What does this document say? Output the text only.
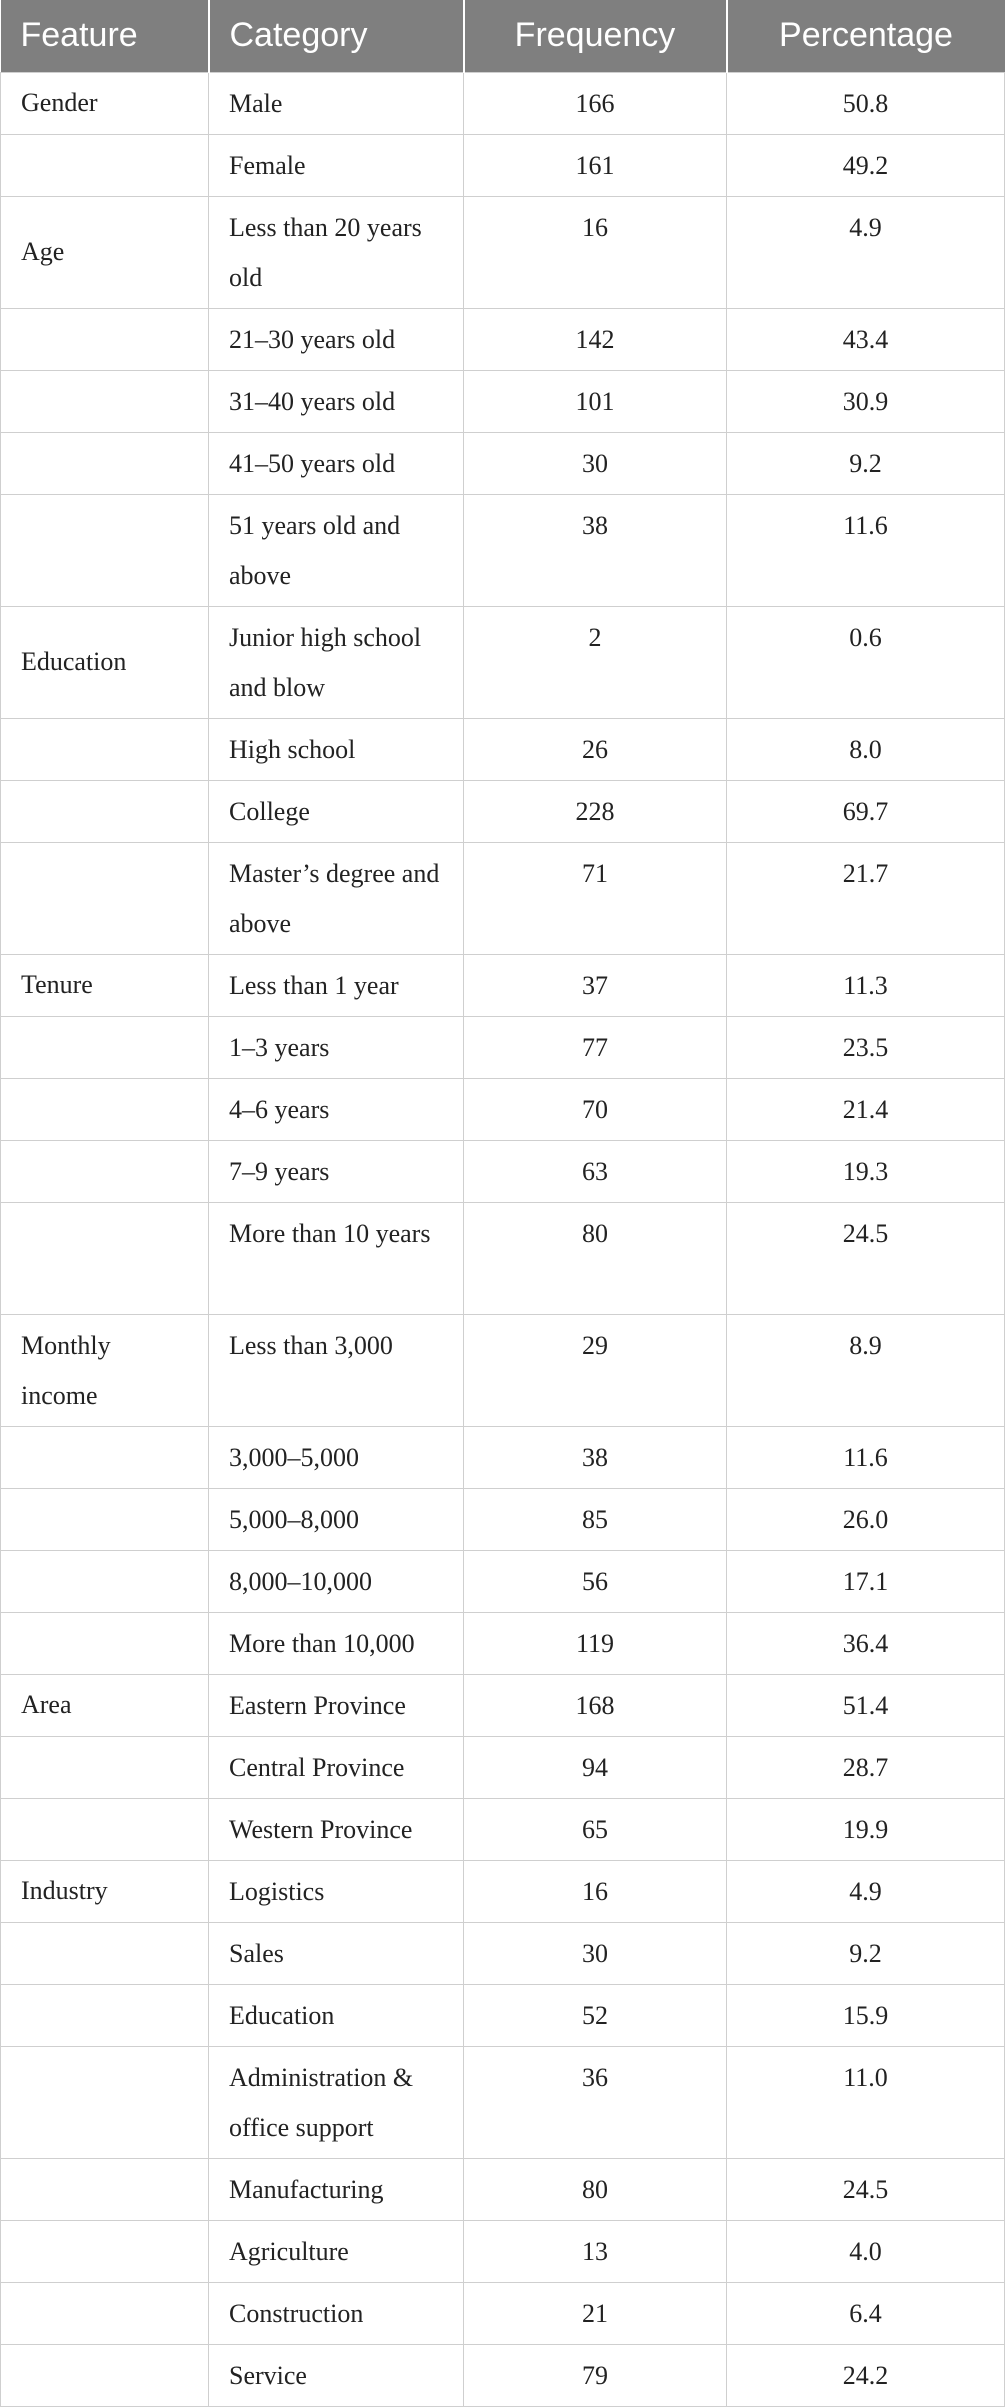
Feature	Category	Frequency	Percentage
Gender	Male	166	50.8
	Female	161	49.2
Age	Less than 20 years old	16	4.9
	21–30 years old	142	43.4
	31–40 years old	101	30.9
	41–50 years old	30	9.2
	51 years old and above	38	11.6
Education	Junior high school and blow	2	0.6
	High school	26	8.0
	College	228	69.7
	Master’s degree and above	71	21.7
Tenure	Less than 1 year	37	11.3
	1–3 years	77	23.5
	4–6 years	70	21.4
	7–9 years	63	19.3
	More than 10 years	80	24.5
Monthly income	Less than 3,000	29	8.9
	3,000–5,000	38	11.6
	5,000–8,000	85	26.0
	8,000–10,000	56	17.1
	More than 10,000	119	36.4
Area	Eastern Province	168	51.4
	Central Province	94	28.7
	Western Province	65	19.9
Industry	Logistics	16	4.9
	Sales	30	9.2
	Education	52	15.9
	Administration & office support	36	11.0
	Manufacturing	80	24.5
	Agriculture	13	4.0
	Construction	21	6.4
	Service	79	24.2
